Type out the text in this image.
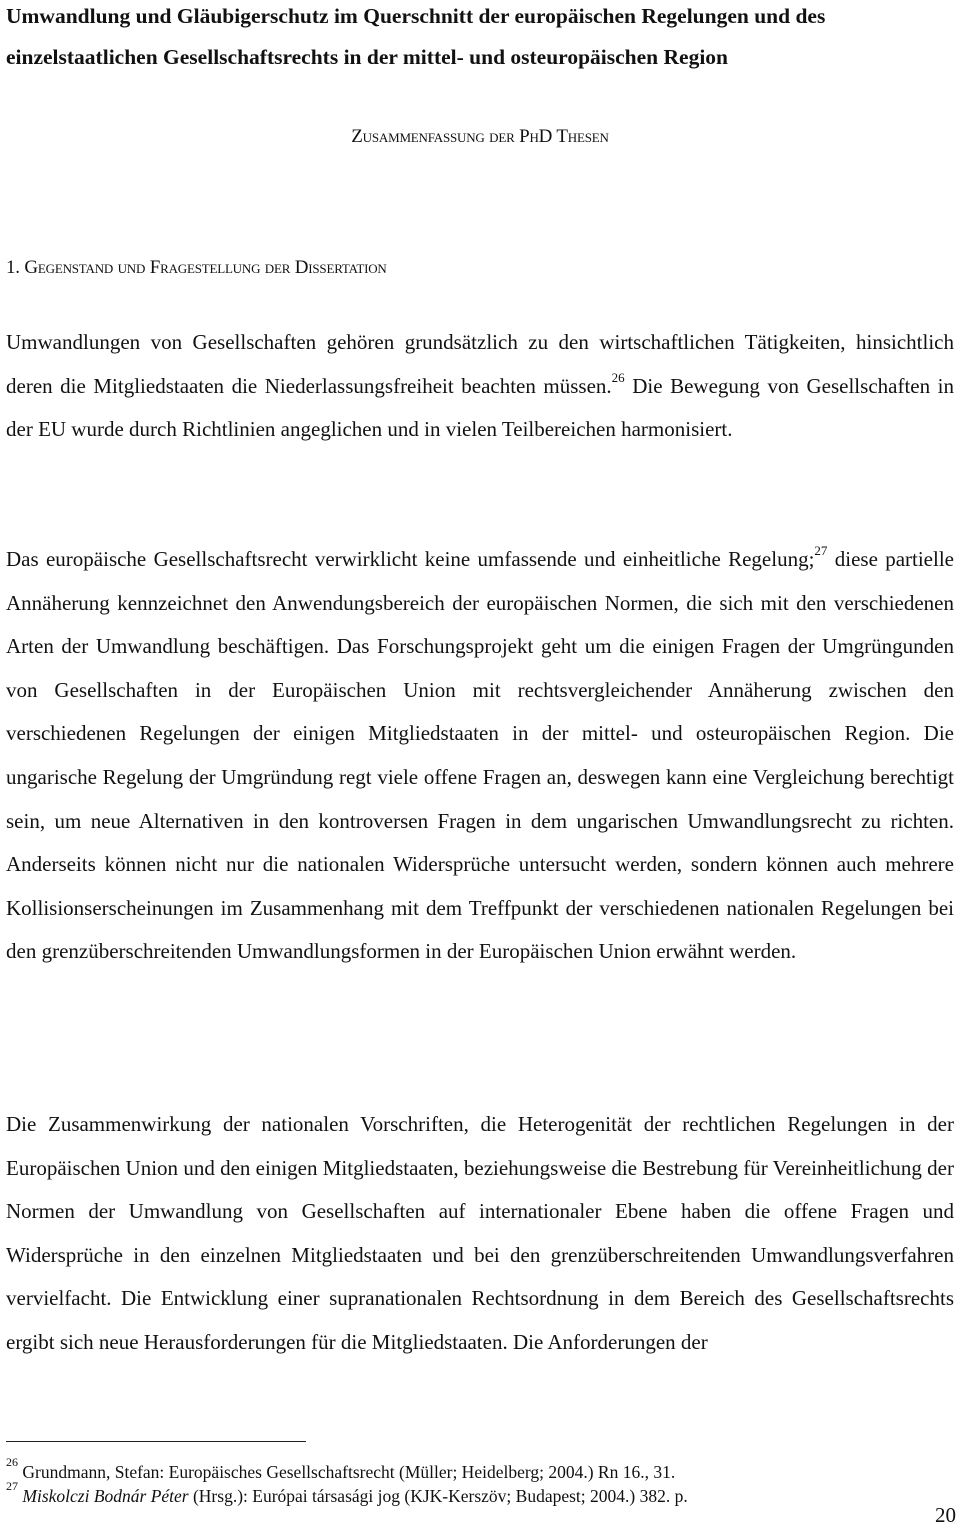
Umwandlung und Gläubigerschutz im Querschnitt der europäischen Regelungen und des einzelstaatlichen Gesellschaftsrechts in der mittel- und osteuropäischen Region

Zusammenfassung der PhD Thesen

1. Gegenstand und Fragestellung der Dissertation

Umwandlungen von Gesellschaften gehören grundsätzlich zu den wirtschaftlichen Tätigkeiten, hinsichtlich deren die Mitgliedstaaten die Niederlassungsfreiheit beachten müssen.$^{26}$ Die Bewegung von Gesellschaften in der EU wurde durch Richtlinien angeglichen und in vielen Teilbereichen harmonisiert.

Das europäische Gesellschaftsrecht verwirklicht keine umfassende und einheitliche Regelung;$^{27}$ diese partielle Annäherung kennzeichnet den Anwendungsbereich der europäischen Normen, die sich mit den verschiedenen Arten der Umwandlung beschäftigen. Das Forschungsprojekt geht um die einigen Fragen der Umgrüngunden von Gesellschaften in der Europäischen Union mit rechtsvergleichender Annäherung zwischen den verschiedenen Regelungen der einigen Mitgliedstaaten in der mittel- und osteuropäischen Region. Die ungarische Regelung der Umgründung regt viele offene Fragen an, deswegen kann eine Vergleichung berechtigt sein, um neue Alternativen in den kontroversen Fragen in dem ungarischen Umwandlungsrecht zu richten. Anderseits können nicht nur die nationalen Widersprüche untersucht werden, sondern können auch mehrere Kollisionserscheinungen im Zusammenhang mit dem Treffpunkt der verschiedenen nationalen Regelungen bei den grenzüberschreitenden Umwandlungsformen in der Europäischen Union erwähnt werden.

Die Zusammenwirkung der nationalen Vorschriften, die Heterogenität der rechtlichen Regelungen in der Europäischen Union und den einigen Mitgliedstaaten, beziehungsweise die Bestrebung für Vereinheitlichung der Normen der Umwandlung von Gesellschaften auf internationaler Ebene haben die offene Fragen und Widersprüche in den einzelnen Mitgliedstaaten und bei den grenzüberschreitenden Umwandlungsverfahren vervielfacht. Die Entwicklung einer supranationalen Rechtsordnung in dem Bereich des Gesellschaftsrechts ergibt sich neue Herausforderungen für die Mitgliedstaaten. Die Anforderungen der

$^{26}$ Grundmann, Stefan: Europäisches Gesellschaftsrecht (Müller; Heidelberg; 2004.) Rn 16., 31.

$^{27}$ Miskolczi Bodnár Péter (Hrsg.): Európai társasági jog (KJK-Kerszöv; Budapest; 2004.) 382. p.

20
